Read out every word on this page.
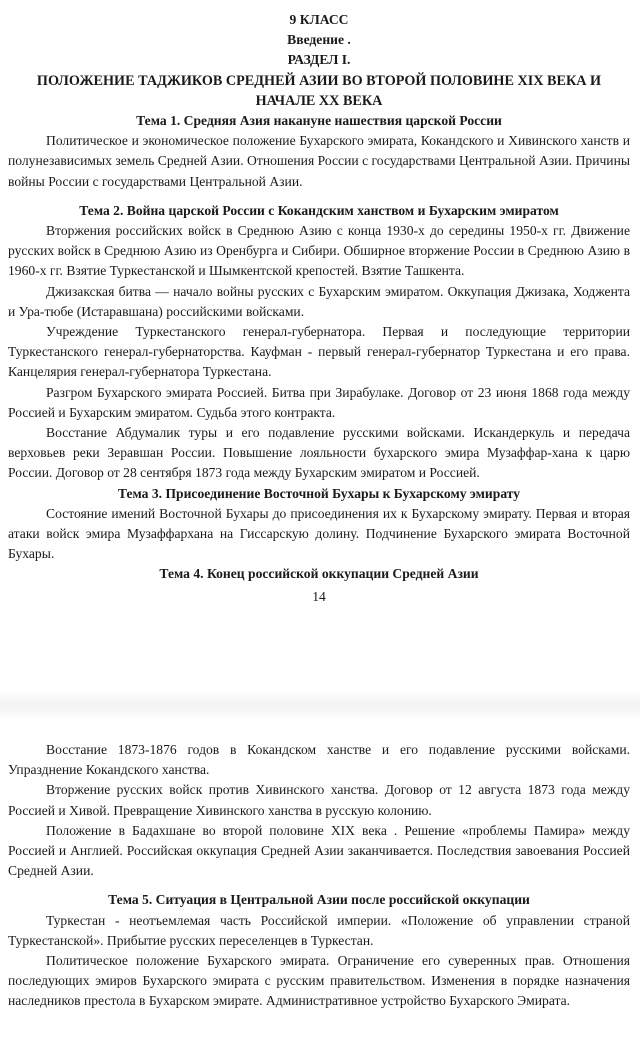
9 КЛАСС
Введение .
РАЗДЕЛ I.
ПОЛОЖЕНИЕ ТАДЖИКОВ СРЕДНЕЙ АЗИИ ВО ВТОРОЙ ПОЛОВИНЕ XIX ВЕКА И НАЧАЛЕ XX ВЕКА
Тема 1. Средняя Азия накануне нашествия царской России

Политическое и экономическое положение Бухарского эмирата, Кокандского и Хивинского ханств и полунезависимых земель Средней Азии. Отношения России с государствами Центральной Азии. Причины войны России с государствами Центральной Азии.

Тема 2. Война царской России с Кокандским ханством и Бухарским эмиратом

Вторжения российских войск в Среднюю Азию с конца 1930-х до середины 1950-х гг. Движение русских войск в Среднюю Азию из Оренбурга и Сибири. Обширное вторжение России в Среднюю Азию в 1960-х гг. Взятие Туркестанской и Шымкентской крепостей. Взятие Ташкента.

Джизакская битва — начало войны русских с Бухарским эмиратом. Оккупация Джизака, Ходжента и Ура-тюбе (Истаравшана) российскими войсками.

Учреждение Туркестанского генерал-губернатора. Первая и последующие территории Туркестанского генерал-губернаторства. Кауфман - первый генерал-губернатор Туркестана и его права. Канцелярия генерал-губернатора Туркестана.

Разгром Бухарского эмирата Россией. Битва при Зирабулаке. Договор от 23 июня 1868 года между Россией и Бухарским эмиратом. Судьба этого контракта.

Восстание Абдумалик туры и его подавление русскими войсками. Искандеркуль и передача верховьев реки Зеравшан России. Повышение лояльности бухарского эмира Музаффар-хана к царю России. Договор от 28 сентября 1873 года между Бухарским эмиратом и Россией.

Тема 3. Присоединение Восточной Бухары к Бухарскому эмирату

Состояние имений Восточной Бухары до присоединения их к Бухарскому эмирату. Первая и вторая атаки войск эмира Музаффархана на Гиссарскую долину. Подчинение Бухарского эмирата Восточной Бухары.

Тема 4. Конец российской оккупации Средней Азии
14

Восстание 1873-1876 годов в Кокандском ханстве и его подавление русскими войсками. Упразднение Кокандского ханства.

Вторжение русских войск против Хивинского ханства. Договор от 12 августа 1873 года между Россией и Хивой. Превращение Хивинского ханства в русскую колонию.

Положение в Бадахшане во второй половине XIX века . Решение «проблемы Памира» между Россией и Англией. Российская оккупация Средней Азии заканчивается. Последствия завоевания Россией Средней Азии.

Тема 5. Ситуация в Центральной Азии после российской оккупации

Туркестан - неотъемлемая часть Российской империи. «Положение об управлении страной Туркестанской». Прибытие русских переселенцев в Туркестан.

Политическое положение Бухарского эмирата. Ограничение его суверенных прав. Отношения последующих эмиров Бухарского эмирата с русским правительством. Изменения в порядке назначения наследников престола в Бухарском эмирате. Административное устройство Бухарского Эмирата.
